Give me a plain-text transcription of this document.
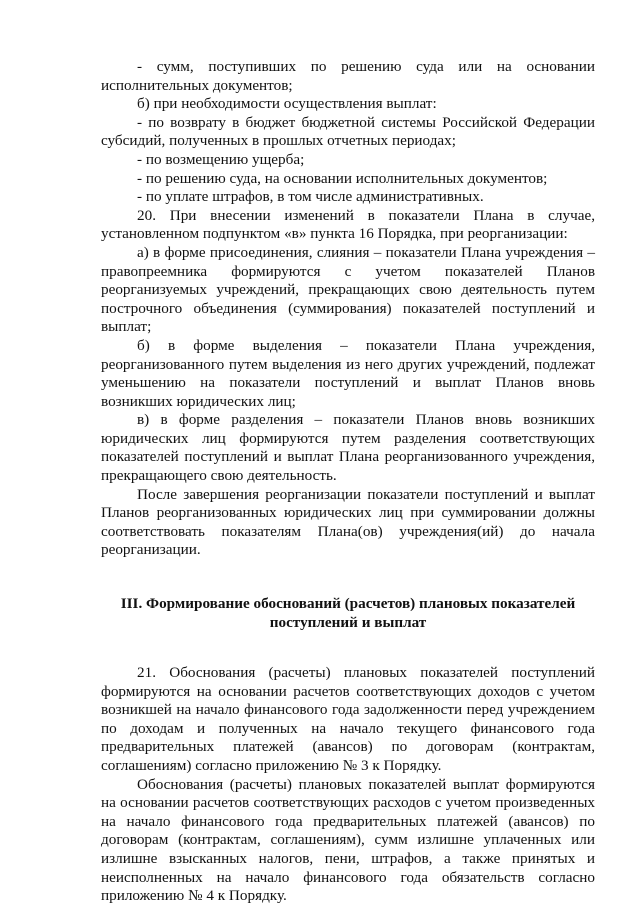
- сумм, поступивших по решению суда или на основании исполнительных документов;

б) при необходимости осуществления выплат:

- по возврату в бюджет бюджетной системы Российской Федерации субсидий, полученных в прошлых отчетных периодах;

- по возмещению ущерба;

- по решению суда, на основании исполнительных документов;

- по уплате штрафов, в том числе административных.

20. При внесении изменений в показатели Плана в случае, установленном подпунктом «в» пункта 16 Порядка, при реорганизации:

а) в форме присоединения, слияния – показатели Плана учреждения – правопреемника формируются с учетом показателей Планов реорганизуемых учреждений, прекращающих свою деятельность путем построчного объединения (суммирования) показателей поступлений и выплат;

б) в форме выделения – показатели Плана учреждения, реорганизованного путем выделения из него других учреждений, подлежат уменьшению на показатели поступлений и выплат Планов вновь возникших юридических лиц;

в) в форме разделения – показатели Планов вновь возникших юридических лиц формируются путем разделения соответствующих показателей поступлений и выплат Плана реорганизованного учреждения, прекращающего свою деятельность.

После завершения реорганизации показатели поступлений и выплат Планов реорганизованных юридических лиц при суммировании должны соответствовать показателям Плана(ов) учреждения(ий) до начала реорганизации.

III. Формирование обоснований (расчетов) плановых показателей поступлений и выплат

21. Обоснования (расчеты) плановых показателей поступлений формируются на основании расчетов соответствующих доходов с учетом возникшей на начало финансового года задолженности перед учреждением по доходам и полученных на начало текущего финансового года предварительных платежей (авансов) по договорам (контрактам, соглашениям) согласно приложению № 3 к Порядку.

Обоснования (расчеты) плановых показателей выплат формируются на основании расчетов соответствующих расходов с учетом произведенных на начало финансового года предварительных платежей (авансов) по договорам (контрактам, соглашениям), сумм излишне уплаченных или излишне взысканных налогов, пени, штрафов, а также принятых и неисполненных на начало финансового года обязательств согласно приложению № 4 к Порядку.
